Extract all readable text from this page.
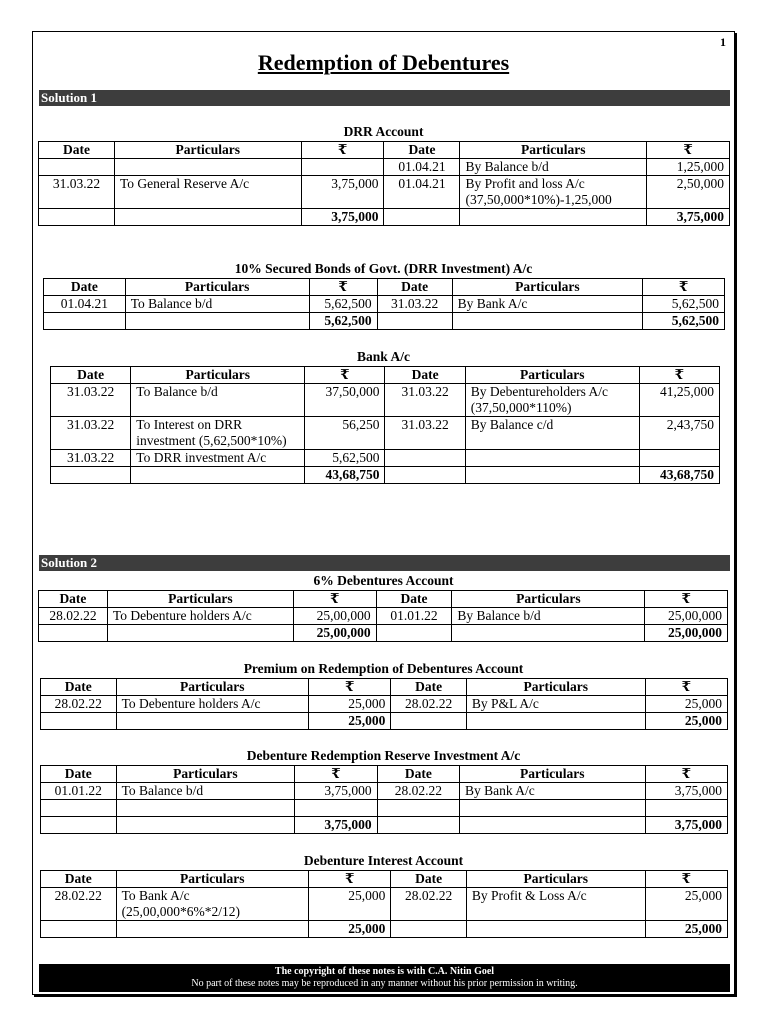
1
Redemption of Debentures
Solution 1
DRR Account
Date	Particulars	₹	Date	Particulars	₹
			01.04.21	By Balance b/d	1,25,000
31.03.22	To General Reserve A/c	3,75,000	01.04.21	By Profit and loss A/c (37,50,000*10%)-1,25,000	2,50,000
		3,75,000			3,75,000
10% Secured Bonds of Govt. (DRR Investment) A/c
Date	Particulars	₹	Date	Particulars	₹
01.04.21	To Balance b/d	5,62,500	31.03.22	By Bank A/c	5,62,500
		5,62,500			5,62,500
Bank A/c
Date	Particulars	₹	Date	Particulars	₹
31.03.22	To Balance b/d	37,50,000	31.03.22	By Debentureholders A/c (37,50,000*110%)	41,25,000
31.03.22	To Interest on DRR investment (5,62,500*10%)	56,250	31.03.22	By Balance c/d	2,43,750
31.03.22	To DRR investment A/c	5,62,500			
		43,68,750			43,68,750
Solution 2
6% Debentures Account
Date	Particulars	₹	Date	Particulars	₹
28.02.22	To Debenture holders A/c	25,00,000	01.01.22	By Balance b/d	25,00,000
		25,00,000			25,00,000
Premium on Redemption of Debentures Account
Date	Particulars	₹	Date	Particulars	₹
28.02.22	To Debenture holders A/c	25,000	28.02.22	By P&L A/c	25,000
		25,000			25,000
Debenture Redemption Reserve Investment A/c
Date	Particulars	₹	Date	Particulars	₹
01.01.22	To Balance b/d	3,75,000	28.02.22	By Bank A/c	3,75,000

		3,75,000			3,75,000
Debenture Interest Account
Date	Particulars	₹	Date	Particulars	₹
28.02.22	To Bank A/c (25,00,000*6%*2/12)	25,000	28.02.22	By Profit & Loss A/c	25,000
		25,000			25,000
The copyright of these notes is with C.A. Nitin Goel
No part of these notes may be reproduced in any manner without his prior permission in writing.
